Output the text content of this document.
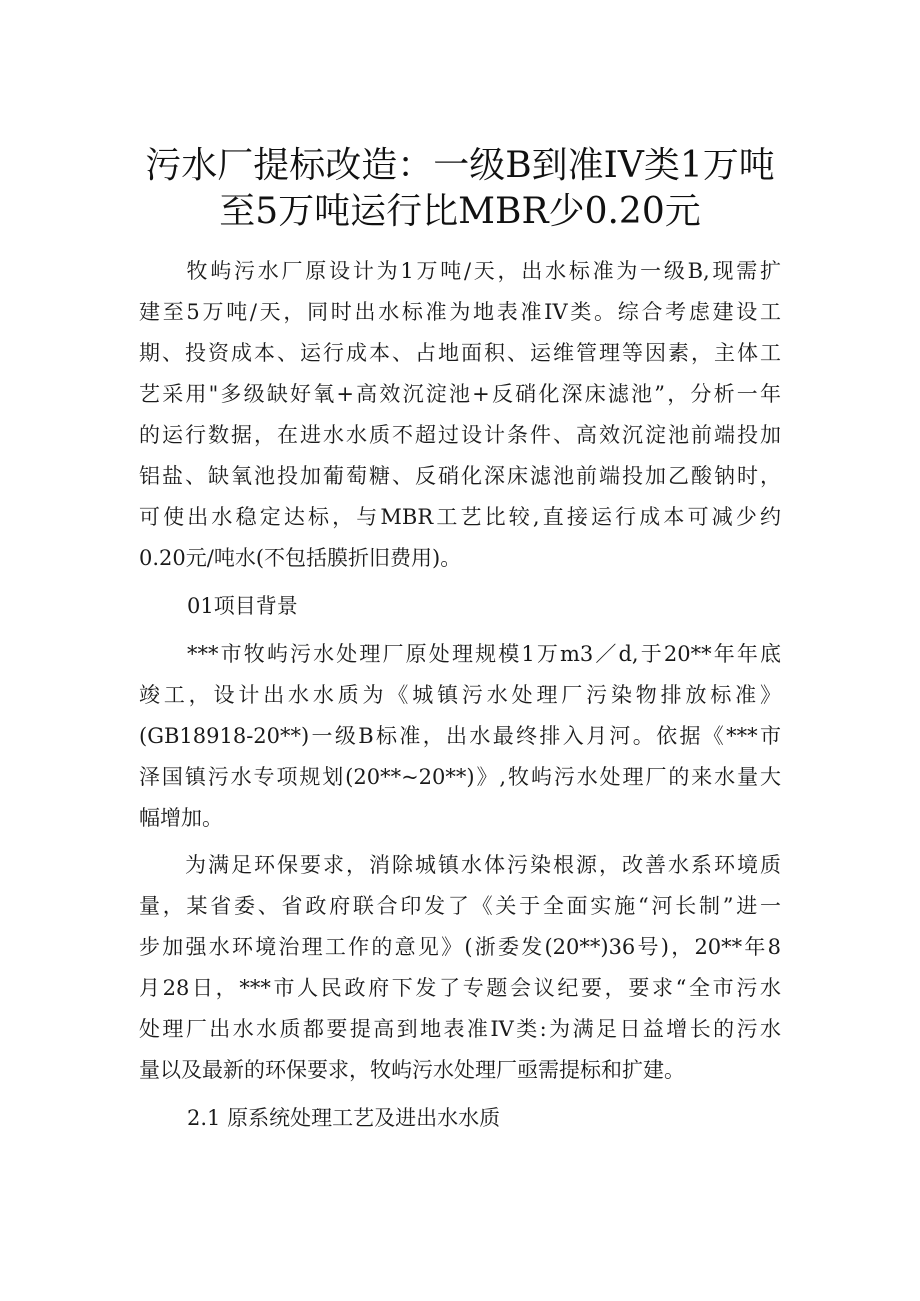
污水厂提标改造：一级B到准IV类1万吨
至5万吨运行比MBR少0.20元
　　牧屿污水厂原设计为1万吨/天，出水标准为一级B,现需扩
建至5万吨/天，同时出水标准为地表准IV类。综合考虑建设工
期、投资成本、运行成本、占地面积、运维管理等因素，主体工
艺采用"多级缺好氧+高效沉淀池+反硝化深床滤池”，分析一年
的运行数据，在进水水质不超过设计条件、高效沉淀池前端投加
铝盐、缺氧池投加葡萄糖、反硝化深床滤池前端投加乙酸钠时，
可使出水稳定达标，与MBR工艺比较,直接运行成本可减少约
0.20元/吨水(不包括膜折旧费用)。
01项目背景
***市牧屿污水处理厂原处理规模1万m3／d,于20**年年底
竣工，设计出水水质为《城镇污水处理厂污染物排放标准》
(GB18918-20**)一级B标准，出水最终排入月河。依据《***市
泽国镇污水专项规划(20**~20**)》,牧屿污水处理厂的来水量大
幅增加。
　　为满足环保要求，消除城镇水体污染根源，改善水系环境质
量，某省委、省政府联合印发了《关于全面实施“河长制”进一
步加强水环境治理工作的意见》(浙委发(20**)36号)，20**年8
月28日，***市人民政府下发了专题会议纪要，要求“全市污水
处理厂出水水质都要提高到地表准IV类:为满足日益增长的污水
量以及最新的环保要求，牧屿污水处理厂亟需提标和扩建。
2.1 原系统处理工艺及进出水水质
